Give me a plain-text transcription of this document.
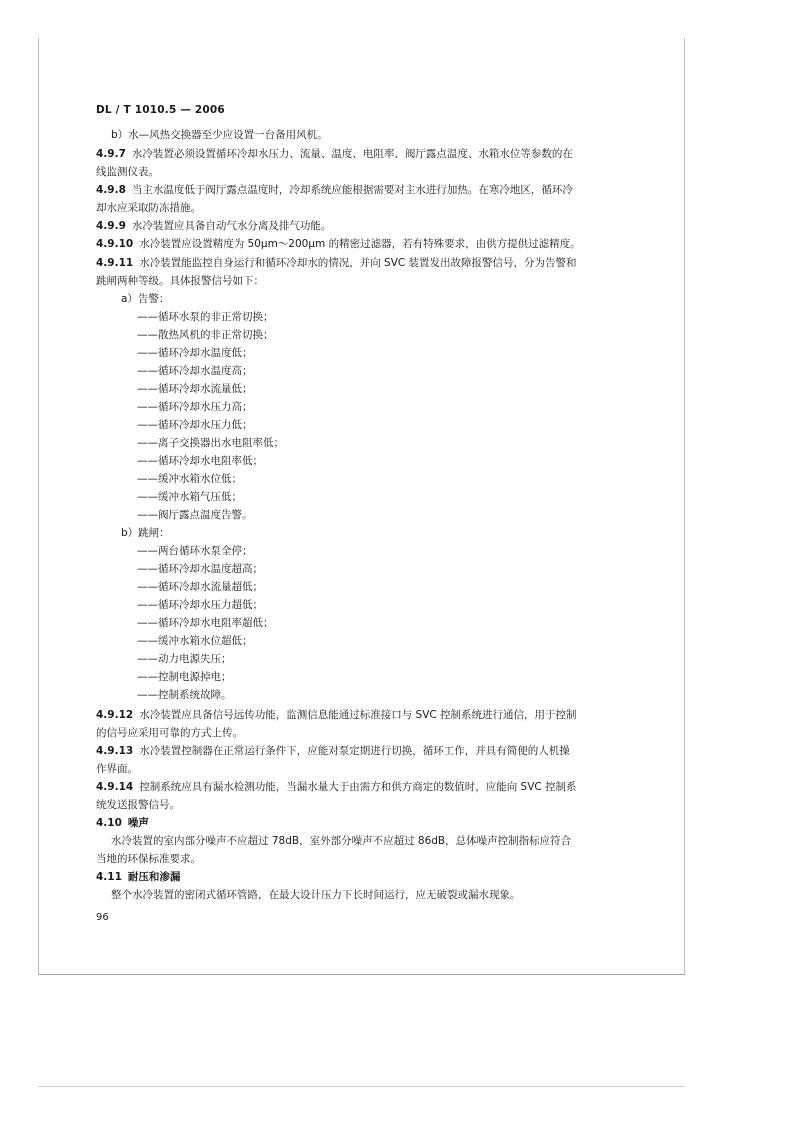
DL / T 1010.5 — 2006
b）水—风热交换器至少应设置一台备用风机。
4.9.7 水冷装置必须设置循环冷却水压力、流量、温度、电阻率、阀厅露点温度、水箱水位等参数的在
线监测仪表。
4.9.8 当主水温度低于阀厅露点温度时，冷却系统应能根据需要对主水进行加热。在寒冷地区，循环冷
却水应采取防冻措施。
4.9.9 水冷装置应具备自动气水分离及排气功能。
4.9.10 水冷装置应设置精度为 50μm～200μm 的精密过滤器，若有特殊要求，由供方提供过滤精度。
4.9.11 水冷装置能监控自身运行和循环冷却水的情况，并向 SVC 装置发出故障报警信号，分为告警和
跳闸两种等级。具体报警信号如下：
a）告警：
——循环水泵的非正常切换；
——散热风机的非正常切换；
——循环冷却水温度低；
——循环冷却水温度高；
——循环冷却水流量低；
——循环冷却水压力高；
——循环冷却水压力低；
——离子交换器出水电阻率低；
——循环冷却水电阻率低；
——缓冲水箱水位低；
——缓冲水箱气压低；
——阀厅露点温度告警。
b）跳闸：
——两台循环水泵全停；
——循环冷却水温度超高；
——循环冷却水流量超低；
——循环冷却水压力超低；
——循环冷却水电阻率超低；
——缓冲水箱水位超低；
——动力电源失压；
——控制电源掉电；
——控制系统故障。
4.9.12 水冷装置应具备信号远传功能，监测信息能通过标准接口与 SVC 控制系统进行通信，用于控制
的信号应采用可靠的方式上传。
4.9.13 水冷装置控制器在正常运行条件下，应能对泵定期进行切换，循环工作，并具有简便的人机操
作界面。
4.9.14 控制系统应具有漏水检测功能，当漏水量大于由需方和供方商定的数值时，应能向 SVC 控制系
统发送报警信号。
4.10 噪声
水冷装置的室内部分噪声不应超过 78dB，室外部分噪声不应超过 86dB，总体噪声控制指标应符合
当地的环保标准要求。
4.11 耐压和渗漏
整个水冷装置的密闭式循环管路，在最大设计压力下长时间运行，应无破裂或漏水现象。
96
